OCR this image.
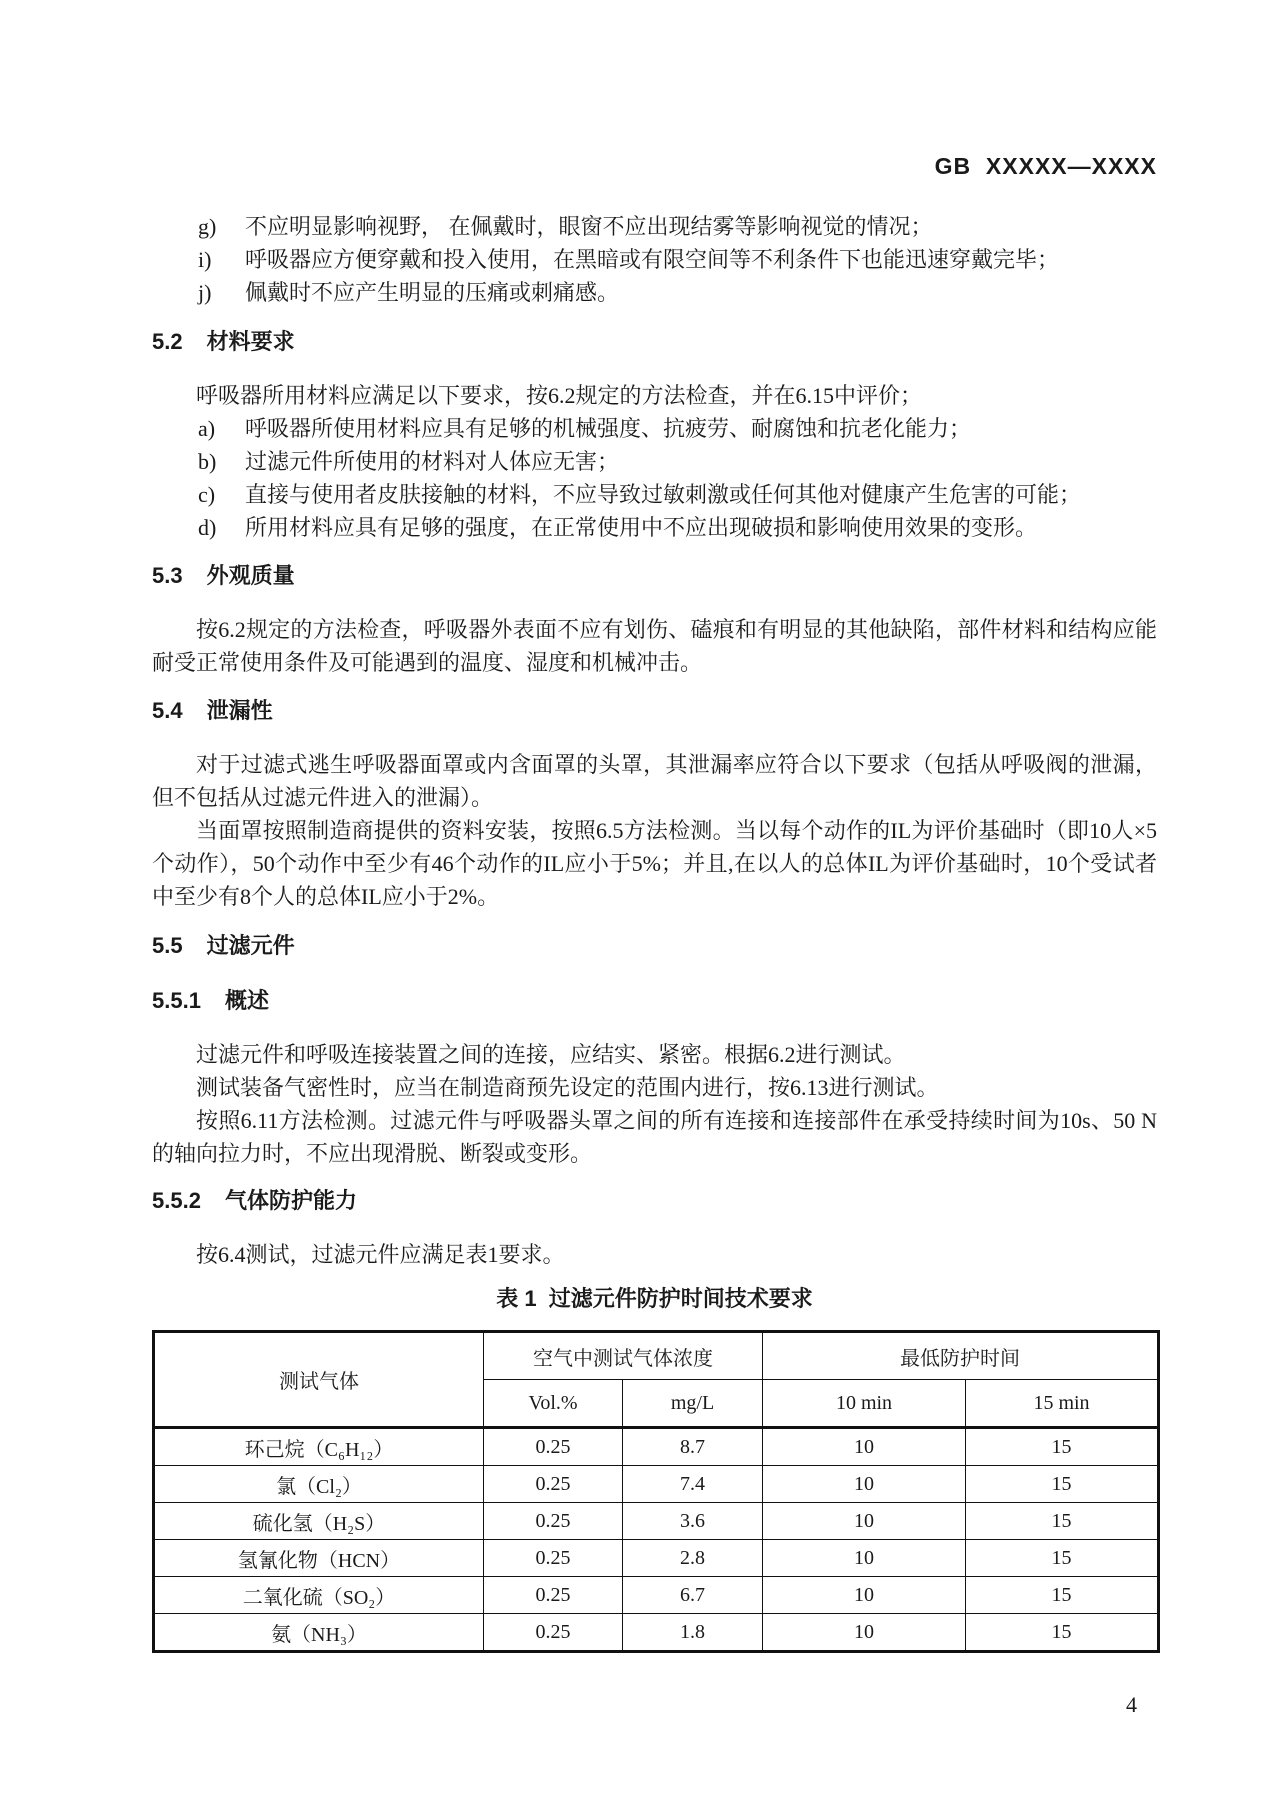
GB  XXXXX—XXXX
g)	不应明显影响视野， 在佩戴时，眼窗不应出现结雾等影响视觉的情况；
i)	呼吸器应方便穿戴和投入使用，在黑暗或有限空间等不利条件下也能迅速穿戴完毕；
j)	佩戴时不应产生明显的压痛或刺痛感。
5.2 材料要求

呼吸器所用材料应满足以下要求，按6.2规定的方法检查，并在6.15中评价；

a)	呼吸器所使用材料应具有足够的机械强度、抗疲劳、耐腐蚀和抗老化能力；
b)	过滤元件所使用的材料对人体应无害；
c)	直接与使用者皮肤接触的材料，不应导致过敏刺激或任何其他对健康产生危害的可能；
d)	所用材料应具有足够的强度，在正常使用中不应出现破损和影响使用效果的变形。
5.3 外观质量

按6.2规定的方法检查，呼吸器外表面不应有划伤、磕痕和有明显的其他缺陷，部件材料和结构应能耐受正常使用条件及可能遇到的温度、湿度和机械冲击。

5.4 泄漏性

对于过滤式逃生呼吸器面罩或内含面罩的头罩，其泄漏率应符合以下要求（包括从呼吸阀的泄漏，但不包括从过滤元件进入的泄漏）。

当面罩按照制造商提供的资料安装，按照6.5方法检测。当以每个动作的IL为评价基础时（即10人×5个动作），50个动作中至少有46个动作的IL应小于5%；并且,在以人的总体IL为评价基础时，10个受试者中至少有8个人的总体IL应小于2%。

5.5 过滤元件
5.5.1 概述

过滤元件和呼吸连接装置之间的连接，应结实、紧密。根据6.2进行测试。

测试装备气密性时，应当在制造商预先设定的范围内进行，按6.13进行测试。

按照6.11方法检测。过滤元件与呼吸器头罩之间的所有连接和连接部件在承受持续时间为10s、50 N的轴向拉力时，不应出现滑脱、断裂或变形。

5.5.2 气体防护能力

按6.4测试，过滤元件应满足表1要求。

表 1  过滤元件防护时间技术要求
测试气体	空气中测试气体浓度		最低防护时间	
	Vol.%	mg/L	10 min	15 min
环己烷（C₆H₁₂）	0.25	8.7	10	15
氯（Cl₂）	0.25	7.4	10	15
硫化氢（H₂S）	0.25	3.6	10	15
氢氰化物（HCN）	0.25	2.8	10	15
二氧化硫（SO₂）	0.25	6.7	10	15
氨（NH₃）	0.25	1.8	10	15
4
